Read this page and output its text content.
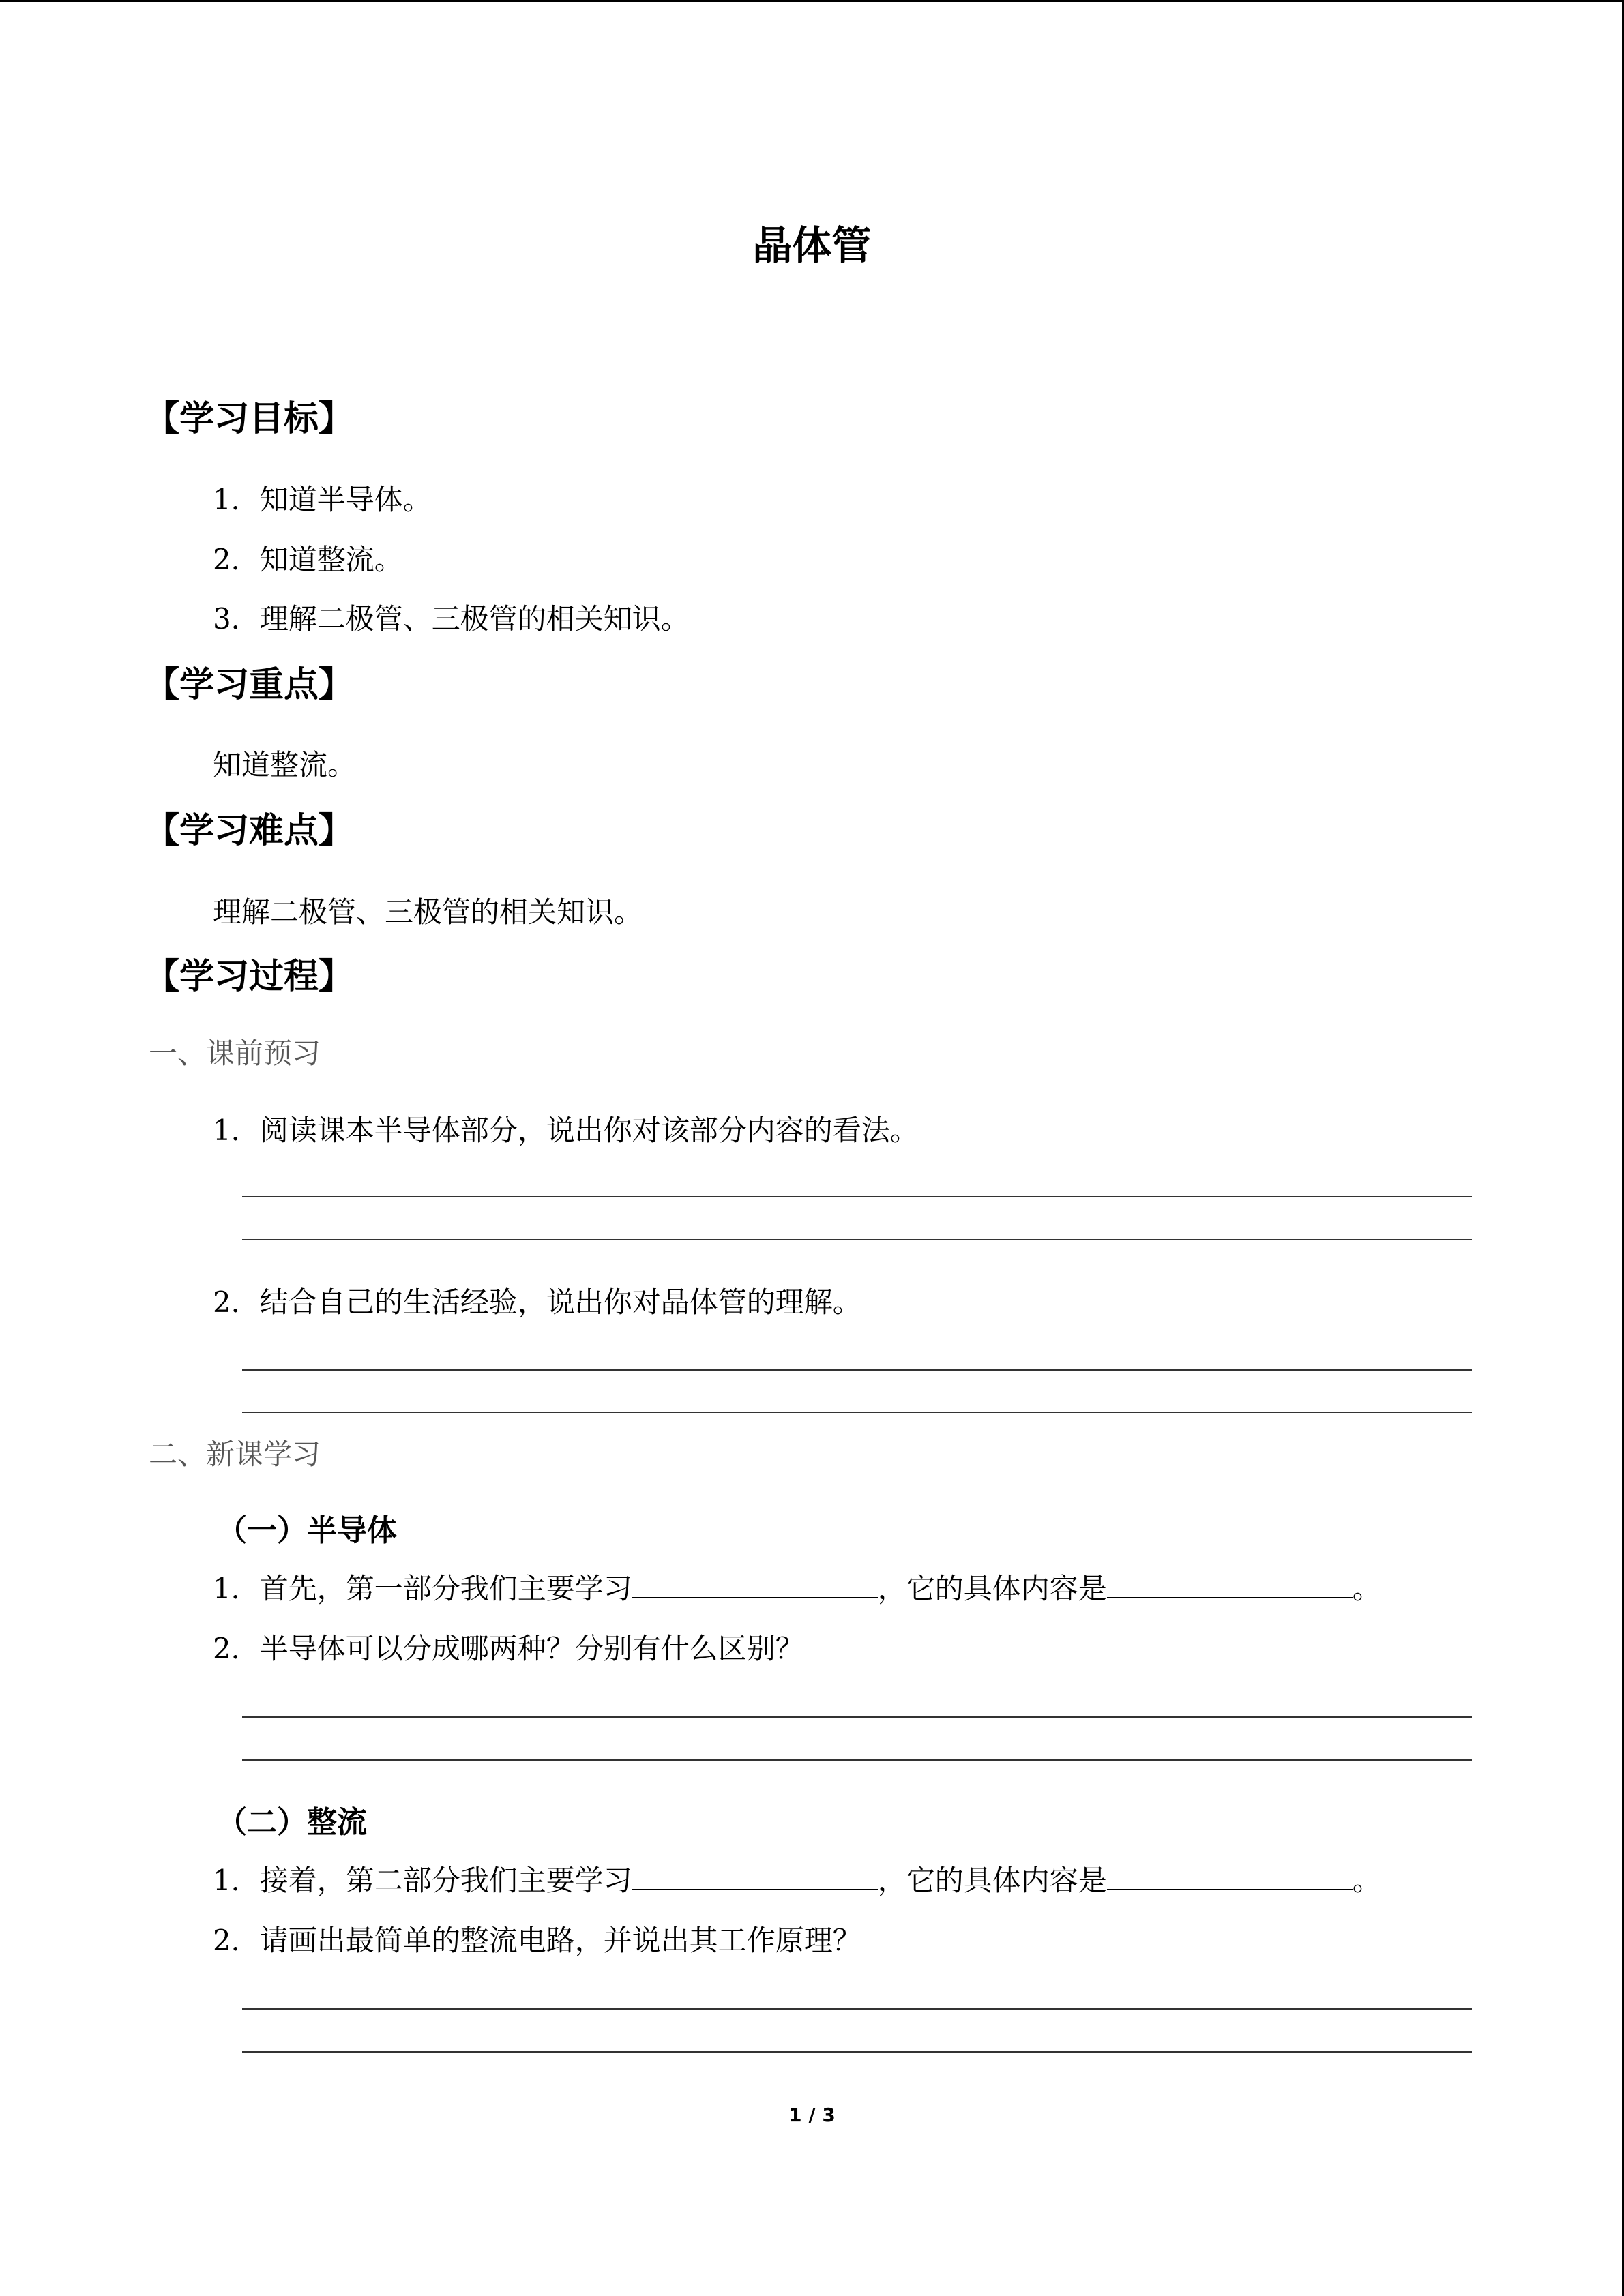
晶体管
【学习目标】
1．知道半导体。
2．知道整流。
3．理解二极管、三极管的相关知识。
【学习重点】
知道整流。
【学习难点】
理解二极管、三极管的相关知识。
【学习过程】
一、课前预习
1．阅读课本半导体部分，说出你对该部分内容的看法。
2．结合自己的生活经验，说出你对晶体管的理解。
二、新课学习
（一）半导体
1．首先，第一部分我们主要学习	，它的具体内容是	。
2．半导体可以分成哪两种？分别有什么区别？
（二）整流
1．接着，第二部分我们主要学习	，它的具体内容是	。
2．请画出最简单的整流电路，并说出其工作原理？
1 / 3
